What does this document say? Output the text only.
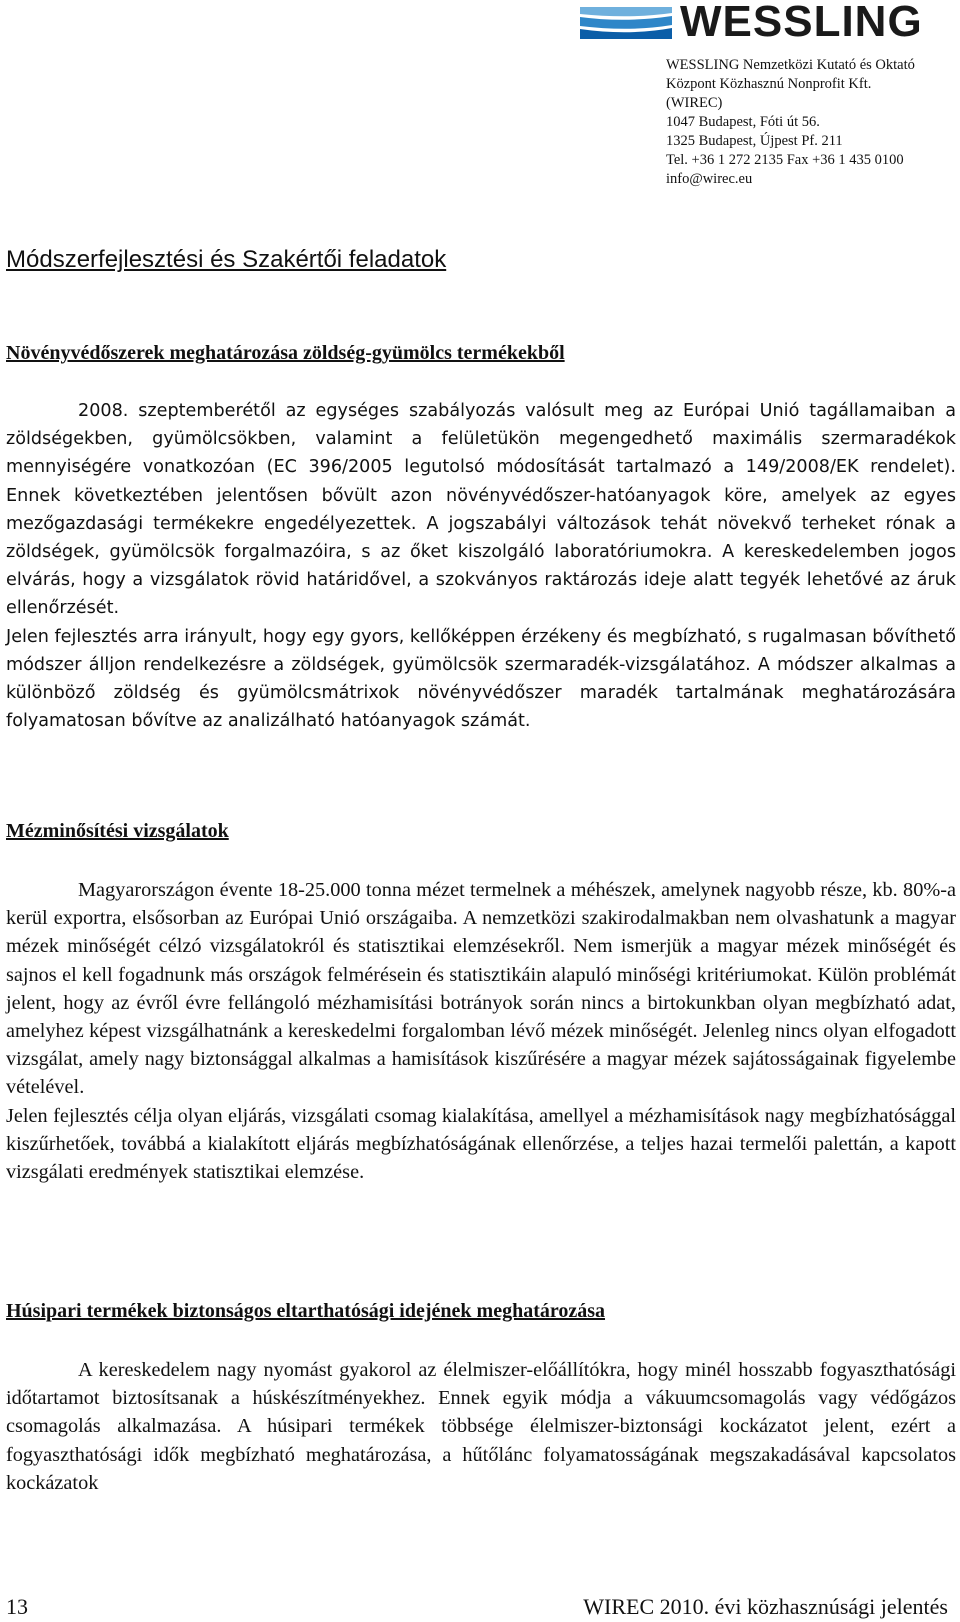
WESSLING
WESSLING Nemzetközi Kutató és Oktató
Központ Közhasznú Nonprofit Kft.
(WIREC)
1047 Budapest, Fóti út 56.
1325 Budapest, Újpest Pf. 211
Tel. +36 1 272 2135 Fax +36 1 435 0100
info@wirec.eu
Módszerfejlesztési és Szakértői feladatok
Növényvédőszerek meghatározása zöldség-gyümölcs termékekből

2008. szeptemberétől az egységes szabályozás valósult meg az Európai Unió tagállamaiban a zöldségekben, gyümölcsökben, valamint a felületükön megengedhető maximális szermaradékok mennyiségére vonatkozóan (EC 396/2005 legutolsó módosítását tartalmazó a 149/2008/EK rendelet). Ennek következtében jelentősen bővült azon növényvédőszer-hatóanyagok köre, amelyek az egyes mezőgazdasági termékekre engedélyezettek. A jogszabályi változások tehát növekvő terheket rónak a zöldségek, gyümölcsök forgalmazóira, s az őket kiszolgáló laboratóriumokra. A kereskedelemben jogos elvárás, hogy a vizsgálatok rövid határidővel, a szokványos raktározás ideje alatt tegyék lehetővé az áruk ellenőrzését.

Jelen fejlesztés arra irányult, hogy egy gyors, kellőképpen érzékeny és megbízható, s rugalmasan bővíthető módszer álljon rendelkezésre a zöldségek, gyümölcsök szermaradék-vizsgálatához. A módszer alkalmas a különböző zöldség és gyümölcsmátrixok növényvédőszer maradék tartalmának meghatározására folyamatosan bővítve az analizálható hatóanyagok számát.

Mézminősítési vizsgálatok

Magyarországon évente 18-25.000 tonna mézet termelnek a méhészek, amelynek nagyobb része, kb. 80%-a kerül exportra, elsősorban az Európai Unió országaiba. A nemzetközi szakirodalmakban nem olvashatunk a magyar mézek minőségét célzó vizsgálatokról és statisztikai elemzésekről. Nem ismerjük a magyar mézek minőségét és sajnos el kell fogadnunk más országok felmérésein és statisztikáin alapuló minőségi kritériumokat. Külön problémát jelent, hogy az évről évre fellángoló mézhamisítási botrányok során nincs a birtokunkban olyan megbízható adat, amelyhez képest vizsgálhatnánk a kereskedelmi forgalomban lévő mézek minőségét. Jelenleg nincs olyan elfogadott vizsgálat, amely nagy biztonsággal alkalmas a hamisítások kiszűrésére a magyar mézek sajátosságainak figyelembe vételével.

Jelen fejlesztés célja olyan eljárás, vizsgálati csomag kialakítása, amellyel a mézhamisítások nagy megbízhatósággal kiszűrhetőek, továbbá a kialakított eljárás megbízhatóságának ellenőrzése, a teljes hazai termelői palettán, a kapott vizsgálati eredmények statisztikai elemzése.

Húsipari termékek biztonságos eltarthatósági idejének meghatározása

A kereskedelem nagy nyomást gyakorol az élelmiszer-előállítókra, hogy minél hosszabb fogyaszthatósági időtartamot biztosítsanak a húskészítményekhez. Ennek egyik módja a vákuumcsomagolás vagy védőgázos csomagolás alkalmazása. A húsipari termékek többsége élelmiszer-biztonsági kockázatot jelent, ezért a fogyaszthatósági idők megbízható meghatározása, a hűtőlánc folyamatosságának megszakadásával kapcsolatos kockázatok

13	WIREC 2010. évi közhasznúsági jelentés
